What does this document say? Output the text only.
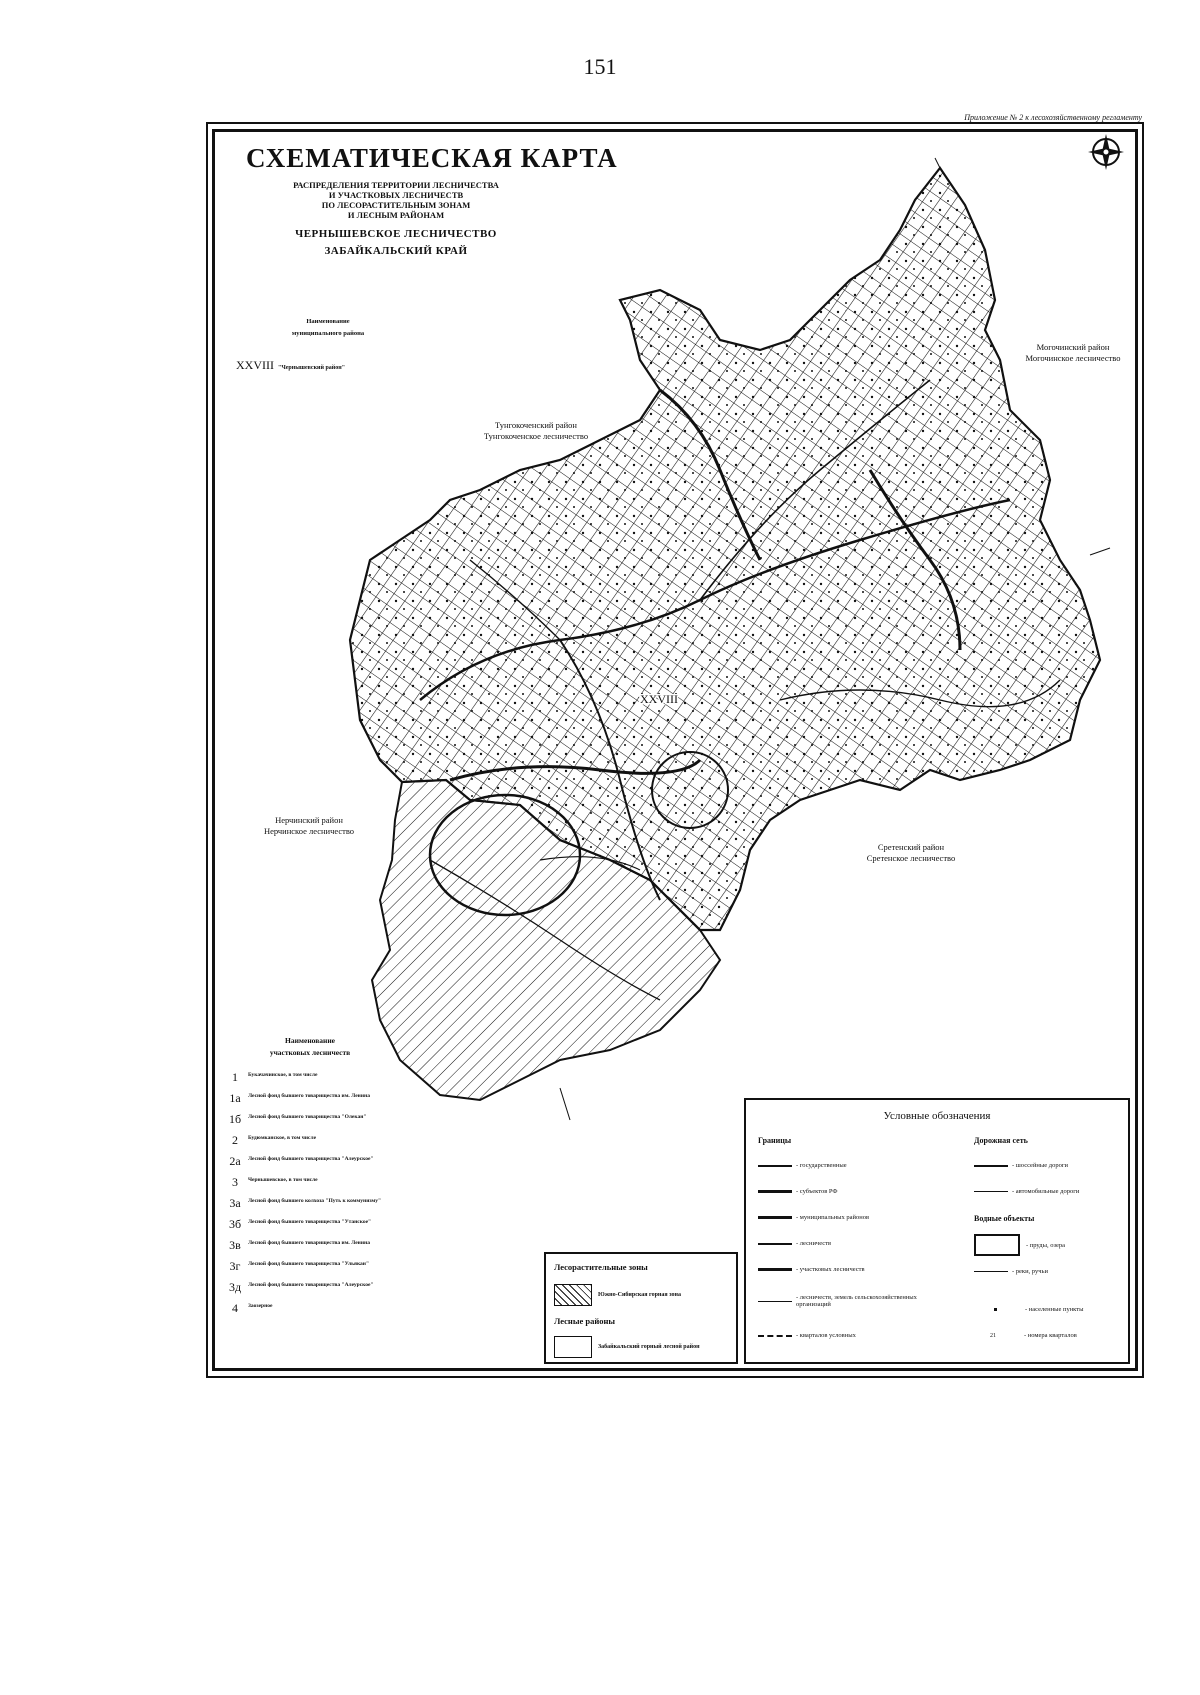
151
Приложение № 2 к лесохозяйственному регламенту
XXVIII
СХЕМАТИЧЕСКАЯ КАРТА
РАСПРЕДЕЛЕНИЯ ТЕРРИТОРИИ ЛЕСНИЧЕСТВА
И УЧАСТКОВЫХ ЛЕСНИЧЕСТВ
ПО ЛЕСОРАСТИТЕЛЬНЫМ ЗОНАМ
И ЛЕСНЫМ РАЙОНАМ
ЧЕРНЫШЕВСКОЕ ЛЕСНИЧЕСТВО
ЗАБАЙКАЛЬСКИЙ КРАЙ
Наименование
муниципального района
XXVIII "Чернышевский район"
Могочинский район
Могочинское лесничество
Тунгокоченский район
Тунгокоченское лесничество
Нерчинский район
Нерчинское лесничество
Сретенский район
Сретенское лесничество
Наименование
участковых лесничеств
1	Букачачинское, в том числе
1а	Лесной фонд бывшего товарищества им. Ленина
1б	Лесной фонд бывшего товарищества "Олекан"
2	Будюмканское, в том числе
2а	Лесной фонд бывшего товарищества "Алеурское"
3	Чернышевское, в том числе
3а	Лесной фонд бывшего колхоза "Путь к коммунизму"
3б	Лесной фонд бывшего товарищества "Утанское"
3в	Лесной фонд бывшего товарищества им. Ленина
3г	Лесной фонд бывшего товарищества "Ульякан"
3д	Лесной фонд бывшего товарищества "Алеурское"
4	Заозерное
Лесорастительные зоны
Южно-Сибирская горная зона
Лесные районы
Забайкальский горный лесной район
Условные обозначения
Границы
- государственные
- субъектов РФ
- муниципальных районов
- лесничеств
- участковых лесничеств
- лесничеств, земель сельскохозяйственных организаций
- кварталов условных
Дорожная сеть
- шоссейные дороги
- автомобильные дороги
Водные объекты
- пруды, озера
- реки, ручьи
- населенные пункты
21	- номера кварталов
